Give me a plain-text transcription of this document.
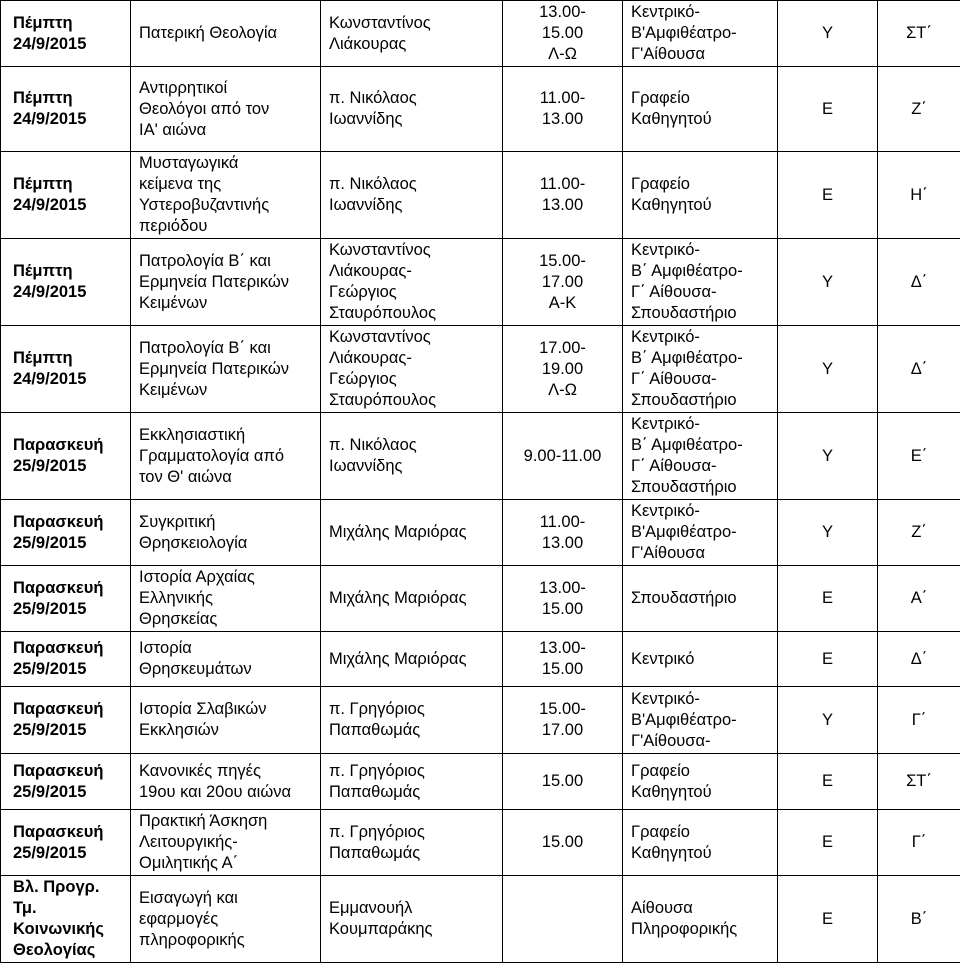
Πέμπτη
24/9/2015	Πατερική Θεολογία	Κωνσταντίνος
Λιάκουρας	13.00-
15.00
Λ-Ω	Κεντρικό-
Β'Αμφιθέατρο-
Γ'Αίθουσα	Υ	ΣΤ΄
Πέμπτη
24/9/2015	Αντιρρητικοί
Θεολόγοι από τον
ΙΑ' αιώνα	π. Νικόλαος
Ιωαννίδης	11.00-
13.00	Γραφείο
Καθηγητού	Ε	Ζ΄
Πέμπτη
24/9/2015	Μυσταγωγικά
κείμενα της
Υστεροβυζαντινής
περιόδου	π. Νικόλαος
Ιωαννίδης	11.00-
13.00	Γραφείο
Καθηγητού	Ε	Η΄
Πέμπτη
24/9/2015	Πατρολογία Β΄ και
Ερμηνεία Πατερικών
Κειμένων	Κωνσταντίνος
Λιάκουρας-
Γεώργιος
Σταυρόπουλος	15.00-
17.00
Α-Κ	Κεντρικό-
Β΄ Αμφιθέατρο-
Γ΄ Αίθουσα-
Σπουδαστήριο	Υ	Δ΄
Πέμπτη
24/9/2015	Πατρολογία Β΄ και
Ερμηνεία Πατερικών
Κειμένων	Κωνσταντίνος
Λιάκουρας-
Γεώργιος
Σταυρόπουλος	17.00-
19.00
Λ-Ω	Κεντρικό-
Β΄ Αμφιθέατρο-
Γ΄ Αίθουσα-
Σπουδαστήριο	Υ	Δ΄
Παρασκευή
25/9/2015	Εκκλησιαστική
Γραμματολογία από
τον Θ' αιώνα	π. Νικόλαος
Ιωαννίδης	9.00-11.00	Κεντρικό-
Β΄ Αμφιθέατρο-
Γ΄ Αίθουσα-
Σπουδαστήριο	Υ	Ε΄
Παρασκευή
25/9/2015	Συγκριτική
Θρησκειολογία	Μιχάλης Μαριόρας	11.00-
13.00	Κεντρικό-
Β'Αμφιθέατρο-
Γ'Αίθουσα	Υ	Ζ΄
Παρασκευή
25/9/2015	Ιστορία Αρχαίας
Ελληνικής
Θρησκείας	Μιχάλης Μαριόρας	13.00-
15.00	Σπουδαστήριο	Ε	Α΄
Παρασκευή
25/9/2015	Ιστορία
Θρησκευμάτων	Μιχάλης Μαριόρας	13.00-
15.00	Κεντρικό	Ε	Δ΄
Παρασκευή
25/9/2015	Ιστορία Σλαβικών
Εκκλησιών	π. Γρηγόριος
Παπαθωμάς	15.00-
17.00	Κεντρικό-
Β'Αμφιθέατρο-
Γ'Αίθουσα-	Υ	Γ΄
Παρασκευή
25/9/2015	Κανονικές πηγές
19ου και 20ου αιώνα	π. Γρηγόριος
Παπαθωμάς	15.00	Γραφείο
Καθηγητού	Ε	ΣΤ΄
Παρασκευή
25/9/2015	Πρακτική Άσκηση
Λειτουργικής-
Ομιλητικής Α΄	π. Γρηγόριος
Παπαθωμάς	15.00	Γραφείο
Καθηγητού	Ε	Γ΄
Βλ. Προγρ.
Τμ.
Κοινωνικής
Θεολογίας	Εισαγωγή και
εφαρμογές
πληροφορικής	Εμμανουήλ
Κουμπαράκης		Αίθουσα
Πληροφορικής	Ε	Β΄
